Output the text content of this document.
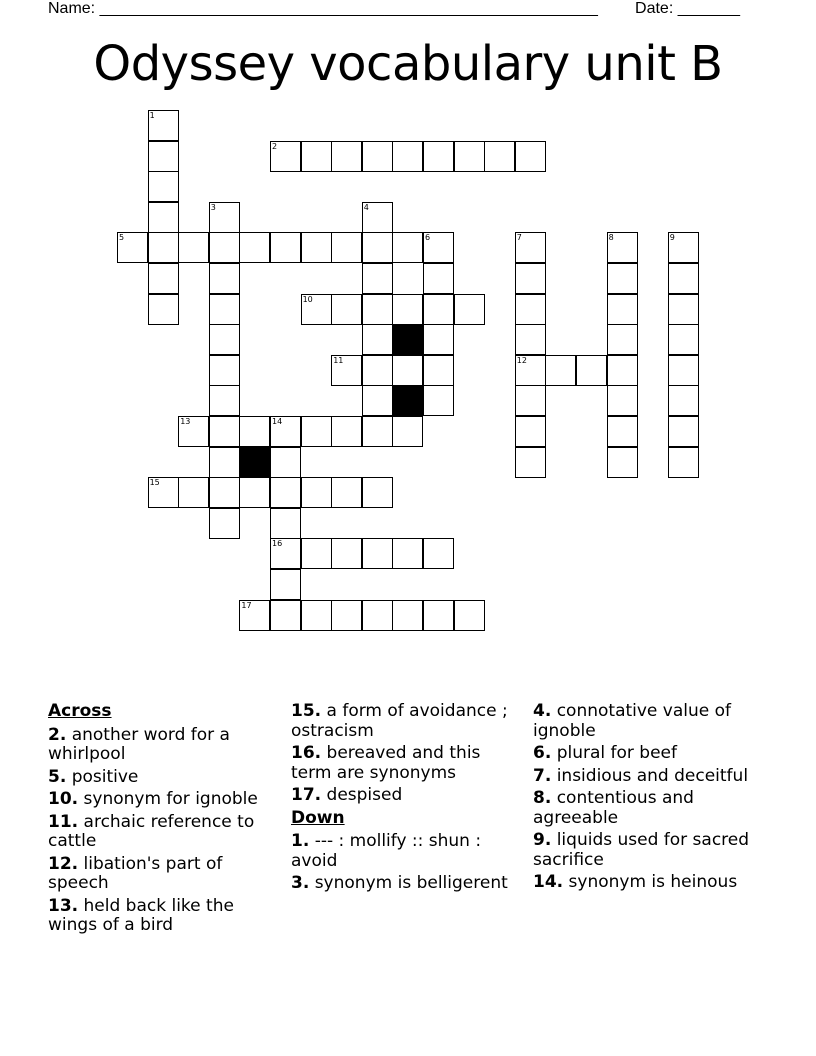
Name: ________________________________________________________ Date: _______
Odyssey vocabulary unit B
1
2
3	4
5	6	7
12
8	9
10
11
13	14
16
15
17
Across
2. another word for a whirlpool
5. positive
10. synonym for ignoble
11. archaic reference to cattle
12. libation's part of speech
13. held back like the wings of a bird
15. a form of avoidance ; ostracism
16. bereaved and this term are synonyms
17. despised
Down
1. --- : mollify :: shun : avoid
3. synonym is belligerent
4. connotative value of ignoble
6. plural for beef
7. insidious and deceitful
8. contentious and agreeable
9. liquids used for sacred sacrifice
14. synonym is heinous
